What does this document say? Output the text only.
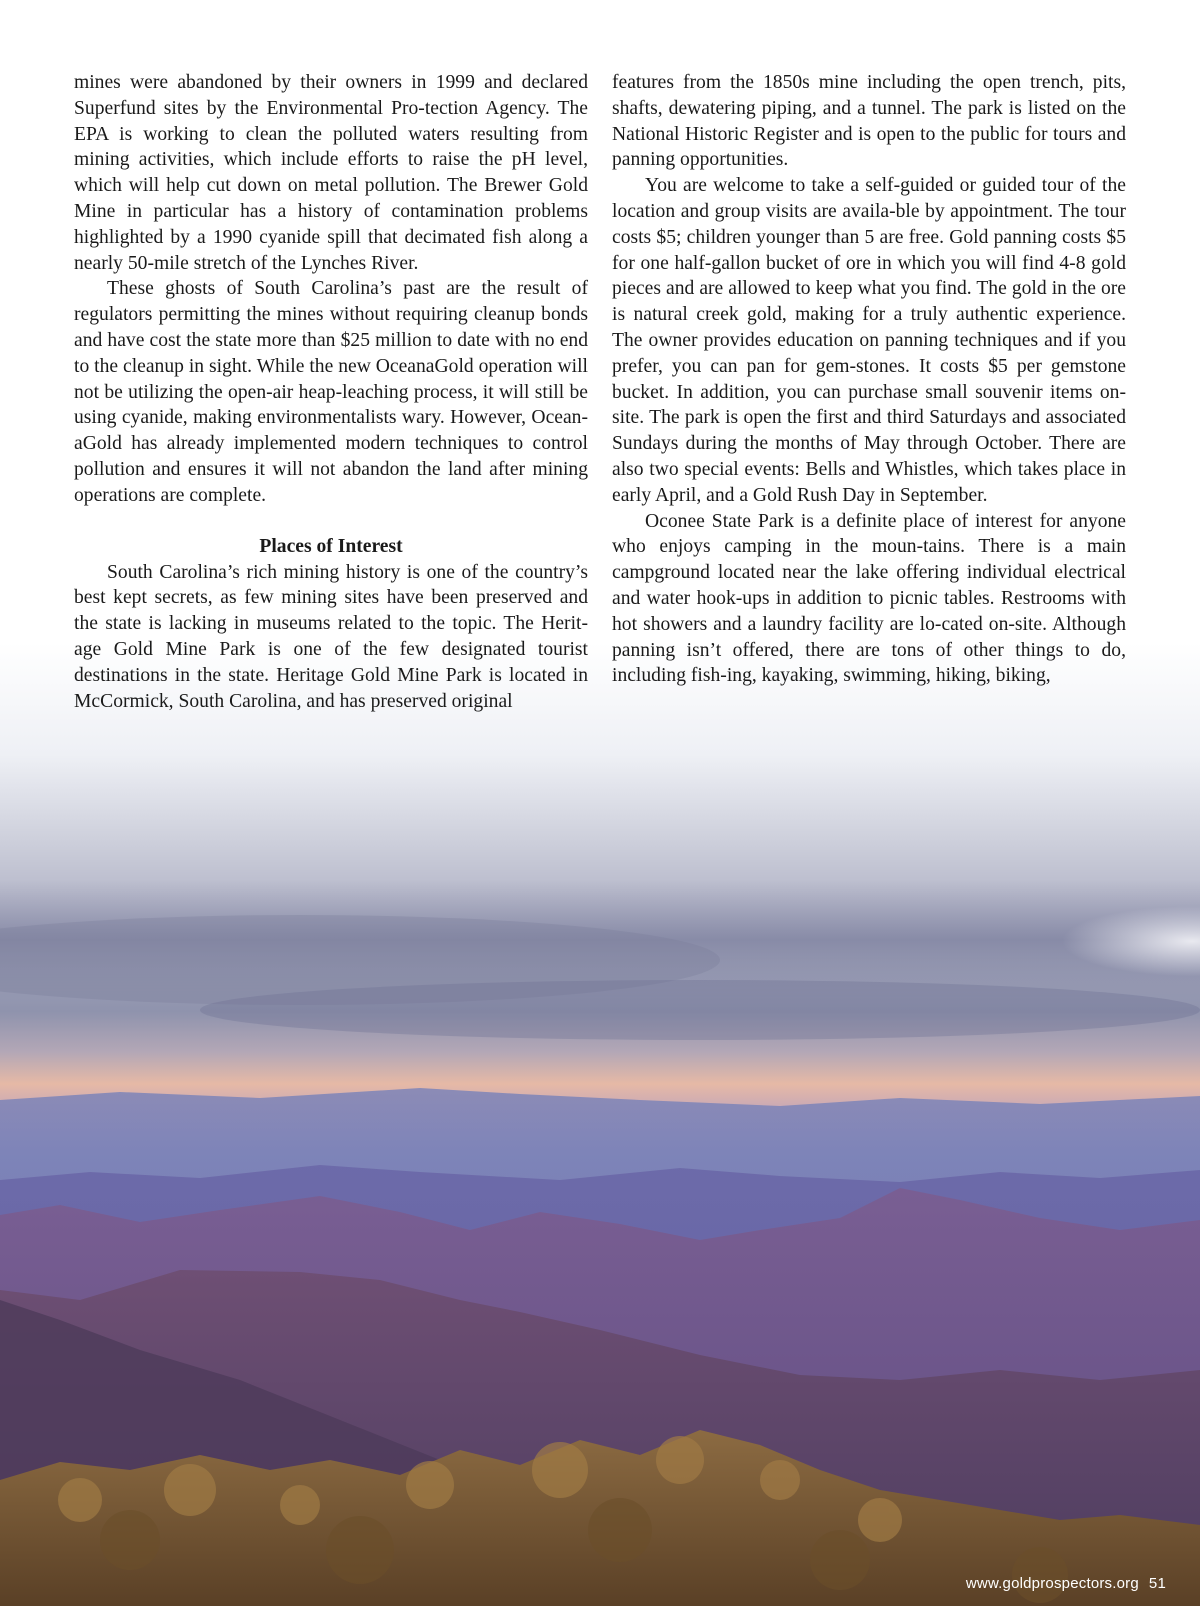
mines were abandoned by their owners in 1999 and declared Superfund sites by the Environmental Pro-tection Agency. The EPA is working to clean the polluted waters resulting from mining activities, which include efforts to raise the pH level, which will help cut down on metal pollution. The Brewer Gold Mine in particular has a history of contamination problems highlighted by a 1990 cyanide spill that decimated fish along a nearly 50-mile stretch of the Lynches River.

These ghosts of South Carolina’s past are the result of regulators permitting the mines without requiring cleanup bonds and have cost the state more than $25 million to date with no end to the cleanup in sight. While the new OceanaGold operation will not be utilizing the open-air heap-leaching process, it will still be using cyanide, making environmentalists wary. However, Ocean-aGold has already implemented modern techniques to control pollution and ensures it will not abandon the land after mining operations are complete.

Places of Interest

South Carolina’s rich mining history is one of the country’s best kept secrets, as few mining sites have been preserved and the state is lacking in museums related to the topic. The Herit-age Gold Mine Park is one of the few designated tourist destinations in the state. Heritage Gold Mine Park is located in McCormick, South Carolina, and has preserved original

features from the 1850s mine including the open trench, pits, shafts, dewatering piping, and a tunnel. The park is listed on the National Historic Register and is open to the public for tours and panning opportunities.

You are welcome to take a self-guided or guided tour of the location and group visits are availa-ble by appointment. The tour costs $5; children younger than 5 are free. Gold panning costs $5 for one half-gallon bucket of ore in which you will find 4-8 gold pieces and are allowed to keep what you find. The gold in the ore is natural creek gold, making for a truly authentic experience. The owner provides education on panning techniques and if you prefer, you can pan for gem-stones. It costs $5 per gemstone bucket. In addition, you can purchase small souvenir items on-site. The park is open the first and third Saturdays and associated Sundays during the months of May through October. There are also two special events: Bells and Whistles, which takes place in early April, and a Gold Rush Day in September.

Oconee State Park is a definite place of interest for anyone who enjoys camping in the moun-tains. There is a main campground located near the lake offering individual electrical and water hook-ups in addition to picnic tables. Restrooms with hot showers and a laundry facility are lo-cated on-site. Although panning isn’t offered, there are tons of other things to do, including fish-ing, kayaking, swimming, hiking, biking,

www.goldprospectors.org 51
